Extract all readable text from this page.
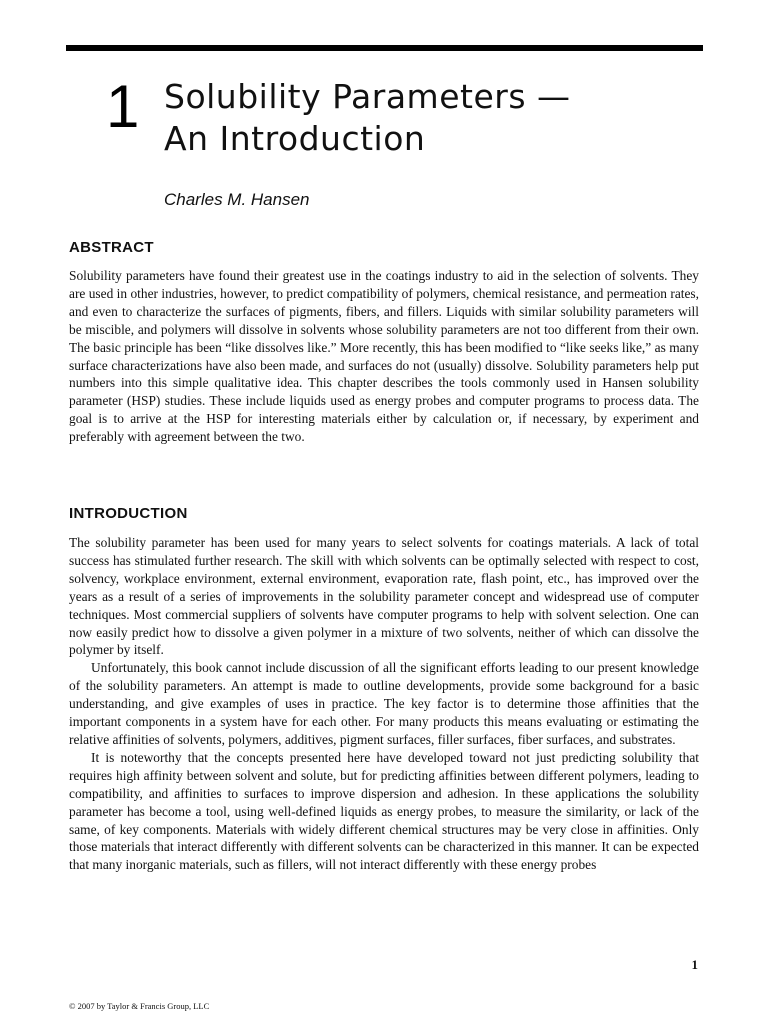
1 Solubility Parameters —
An Introduction
Charles M. Hansen
ABSTRACT

Solubility parameters have found their greatest use in the coatings industry to aid in the selection of solvents. They are used in other industries, however, to predict compatibility of polymers, chemical resistance, and permeation rates, and even to characterize the surfaces of pigments, fibers, and fillers. Liquids with similar solubility parameters will be miscible, and polymers will dissolve in solvents whose solubility parameters are not too different from their own. The basic principle has been “like dissolves like.” More recently, this has been modified to “like seeks like,” as many surface characterizations have also been made, and surfaces do not (usually) dissolve. Solubility parameters help put numbers into this simple qualitative idea. This chapter describes the tools commonly used in Hansen solubility parameter (HSP) studies. These include liquids used as energy probes and computer programs to process data. The goal is to arrive at the HSP for interesting materials either by calculation or, if necessary, by experiment and preferably with agreement between the two.

INTRODUCTION

The solubility parameter has been used for many years to select solvents for coatings materials. A lack of total success has stimulated further research. The skill with which solvents can be optimally selected with respect to cost, solvency, workplace environment, external environment, evaporation rate, flash point, etc., has improved over the years as a result of a series of improvements in the solubility parameter concept and widespread use of computer techniques. Most commercial suppliers of solvents have computer programs to help with solvent selection. One can now easily predict how to dissolve a given polymer in a mixture of two solvents, neither of which can dissolve the polymer by itself.

Unfortunately, this book cannot include discussion of all the significant efforts leading to our present knowledge of the solubility parameters. An attempt is made to outline developments, provide some background for a basic understanding, and give examples of uses in practice. The key factor is to determine those affinities that the important components in a system have for each other. For many products this means evaluating or estimating the relative affinities of solvents, polymers, additives, pigment surfaces, filler surfaces, fiber surfaces, and substrates.

It is noteworthy that the concepts presented here have developed toward not just predicting solubility that requires high affinity between solvent and solute, but for predicting affinities between different polymers, leading to compatibility, and affinities to surfaces to improve dispersion and adhesion. In these applications the solubility parameter has become a tool, using well-defined liquids as energy probes, to measure the similarity, or lack of the same, of key components. Materials with widely different chemical structures may be very close in affinities. Only those materials that interact differently with different solvents can be characterized in this manner. It can be expected that many inorganic materials, such as fillers, will not interact differently with these energy probes

1
© 2007 by Taylor & Francis Group, LLC
